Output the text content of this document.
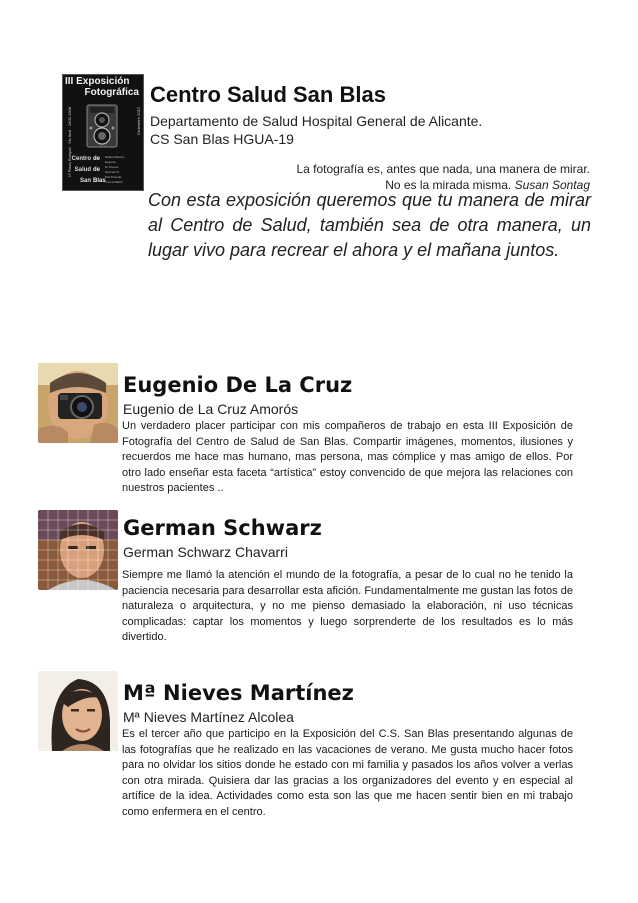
III Exposición
Fotográfica
1ª Plaza Rompal · Sin final · 1905-1908	Diciembre 2012
Centro
Salud
San
de
de
Blas
Rafael Marcos
Eugenio
M. Nieves
German S.
Paz Poveda
J.Vera Martín
Centro Salud San Blas
Departamento de Salud Hospital General de Alicante.
CS San Blas HGUA-19
La fotografía es, antes que nada, una manera de mirar.
No es la mirada misma. Susan Sontag
Con esta exposición queremos que tu manera de mirar al Centro de Salud, también sea de otra manera, un lugar vivo para recrear el ahora y el mañana juntos.
Eugenio De La Cruz
Eugenio de La Cruz Amorós
Un verdadero placer participar con mis compañeros de trabajo en esta III Exposición de Fotografía del Centro de Salud de San Blas. Compartir imágenes, momentos, ilusiones y recuerdos me hace mas humano, mas persona, mas cómplice y mas amigo de ellos. Por otro lado enseñar esta faceta “artística” estoy convencido de que mejora las relaciones con nuestros pacientes ..
German Schwarz
German Schwarz Chavarri
Siempre me llamó la atención el mundo de la fotografía, a pesar de lo cual no he tenido la paciencia necesaria para desarrollar esta afición. Fundamentalmente me gustan las fotos de naturaleza o arquitectura, y no me pienso demasiado la elaboración, ni uso técnicas complicadas: captar los momentos y luego sorprenderte de los resultados es lo más divertido.
Mª Nieves Martínez
Mª Nieves Martínez Alcolea
Es el tercer año que participo en la Exposición del C.S. San Blas presentando algunas de las fotografías que he realizado en las vacaciones de verano. Me gusta mucho hacer fotos para no olvidar los sitios donde he estado con mi familia y pasados los años volver a verlas con otra mirada. Quisiera dar las gracias a los organizadores del evento y en especial al artífice de la idea. Actividades como esta son las que me hacen sentir bien en mi trabajo como enfermera en el centro.
